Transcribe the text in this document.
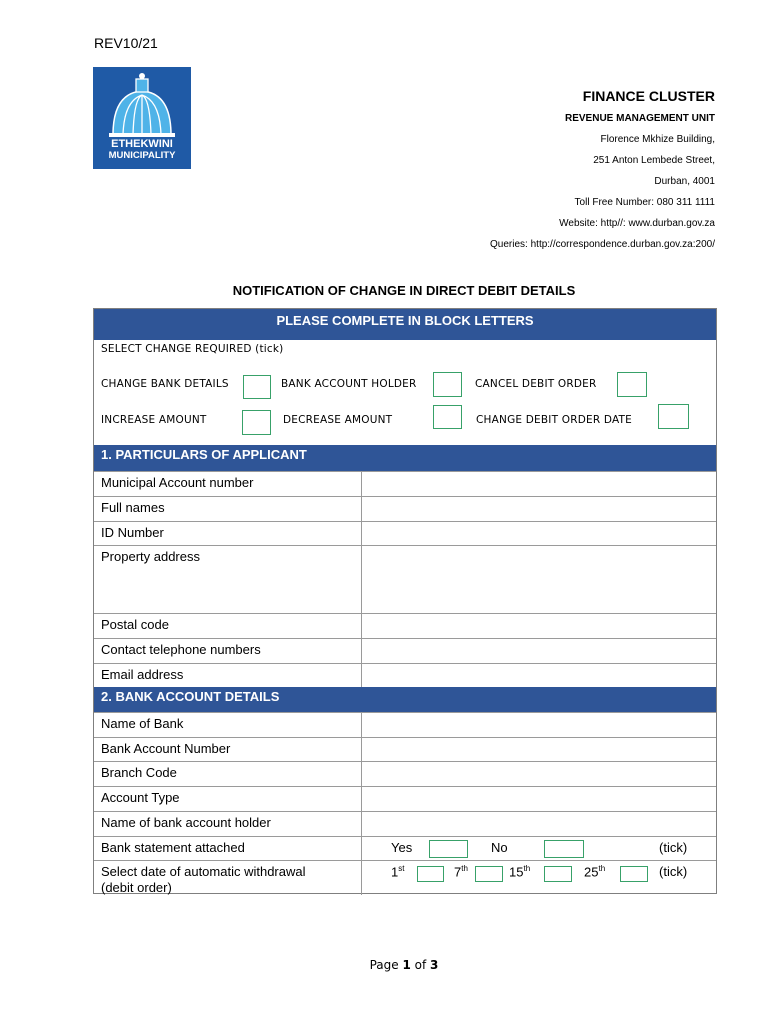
REV10/21
ETHEKWINI
MUNICIPALITY
FINANCE CLUSTER
REVENUE MANAGEMENT UNIT
Florence Mkhize Building,
251 Anton Lembede Street,
Durban, 4001
Toll Free Number: 080 311 1111
Website: http//: www.durban.gov.za
Queries: http://correspondence.durban.gov.za:200/
NOTIFICATION OF CHANGE IN DIRECT DEBIT DETAILS
PLEASE COMPLETE IN BLOCK LETTERS
SELECT CHANGE REQUIRED (tick)
CHANGE BANK DETAILS	BANK ACCOUNT HOLDER	CANCEL DEBIT ORDER
INCREASE AMOUNT	DECREASE AMOUNT	CHANGE DEBIT ORDER DATE
1. PARTICULARS OF APPLICANT
Municipal Account number
Full names
ID Number
Property address
Postal code
Contact telephone numbers
Email address
2. BANK ACCOUNT DETAILS
Name of Bank
Bank Account Number
Branch Code
Account Type
Name of bank account holder
Bank statement attached	Yes	No	(tick)
Select date of automatic withdrawal
(debit order)
1st	7th	15th	25th	(tick)
Page 1 of 3
